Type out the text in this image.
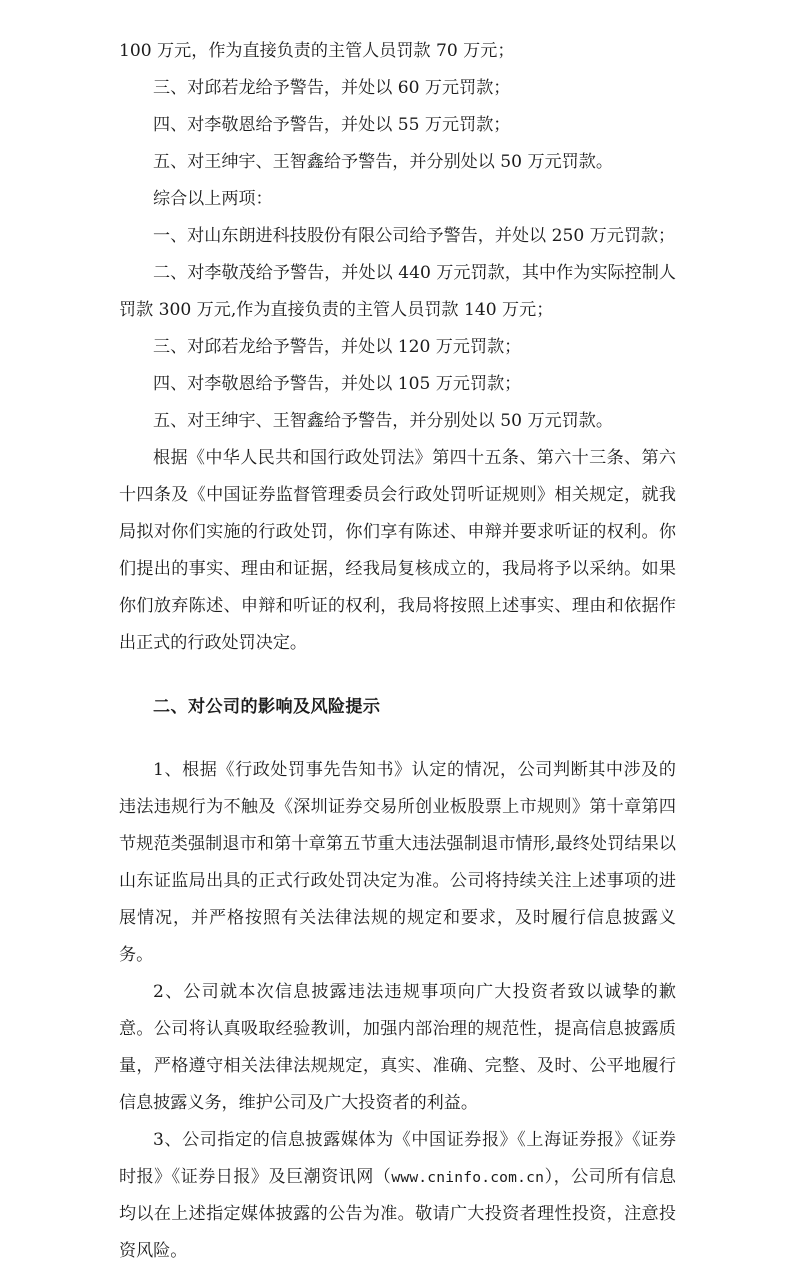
100 万元，作为直接负责的主管人员罚款 70 万元；

三、对邱若龙给予警告，并处以 60 万元罚款；

四、对李敬恩给予警告，并处以 55 万元罚款；

五、对王绅宇、王智鑫给予警告，并分别处以 50 万元罚款。

综合以上两项：

一、对山东朗进科技股份有限公司给予警告，并处以 250 万元罚款；

二、对李敬茂给予警告，并处以 440 万元罚款，其中作为实际控制人罚款 300 万元,作为直接负责的主管人员罚款 140 万元；

三、对邱若龙给予警告，并处以 120 万元罚款；

四、对李敬恩给予警告，并处以 105 万元罚款；

五、对王绅宇、王智鑫给予警告，并分别处以 50 万元罚款。

根据《中华人民共和国行政处罚法》第四十五条、第六十三条、第六十四条及《中国证券监督管理委员会行政处罚听证规则》相关规定，就我局拟对你们实施的行政处罚，你们享有陈述、申辩并要求听证的权利。你们提出的事实、理由和证据，经我局复核成立的，我局将予以采纳。如果你们放弃陈述、申辩和听证的权利，我局将按照上述事实、理由和依据作出正式的行政处罚决定。

二、对公司的影响及风险提示

1、根据《行政处罚事先告知书》认定的情况，公司判断其中涉及的违法违规行为不触及《深圳证券交易所创业板股票上市规则》第十章第四节规范类强制退市和第十章第五节重大违法强制退市情形,最终处罚结果以山东证监局出具的正式行政处罚决定为准。公司将持续关注上述事项的进展情况，并严格按照有关法律法规的规定和要求，及时履行信息披露义务。

2、公司就本次信息披露违法违规事项向广大投资者致以诚挚的歉意。公司将认真吸取经验教训，加强内部治理的规范性，提高信息披露质量，严格遵守相关法律法规规定，真实、准确、完整、及时、公平地履行信息披露义务，维护公司及广大投资者的利益。

3、公司指定的信息披露媒体为《中国证券报》《上海证券报》《证券时报》《证券日报》及巨潮资讯网（www.cninfo.com.cn），公司所有信息均以在上述指定媒体披露的公告为准。敬请广大投资者理性投资，注意投资风险。
